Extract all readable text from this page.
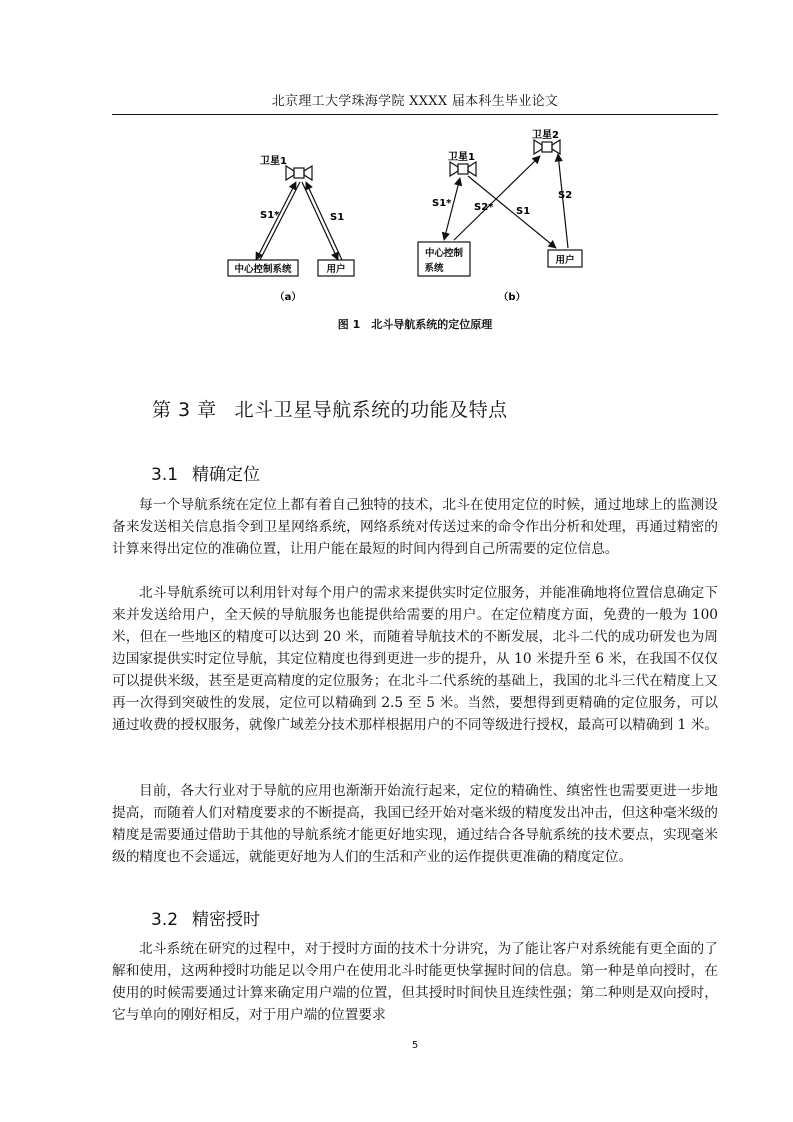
北京理工大学珠海学院 XXXX 届本科生毕业论文
卫星1
S1*	S1
中心控制系统	用户
（a）
卫星1
卫星2
S1* S2* S1
S2
中心控制
系统
用户
（b）
图 1　北斗导航系统的定位原理
第 3 章 北斗卫星导航系统的功能及特点
3.1 精确定位

每一个导航系统在定位上都有着自己独特的技术，北斗在使用定位的时候，通过地球上的监测设备来发送相关信息指令到卫星网络系统，网络系统对传送过来的命令作出分析和处理，再通过精密的计算来得出定位的准确位置，让用户能在最短的时间内得到自己所需要的定位信息。

北斗导航系统可以利用针对每个用户的需求来提供实时定位服务，并能准确地将位置信息确定下来并发送给用户，全天候的导航服务也能提供给需要的用户。在定位精度方面，免费的一般为 100 米，但在一些地区的精度可以达到 20 米，而随着导航技术的不断发展，北斗二代的成功研发也为周边国家提供实时定位导航，其定位精度也得到更进一步的提升，从 10 米提升至 6 米，在我国不仅仅可以提供米级，甚至是更高精度的定位服务；在北斗二代系统的基础上，我国的北斗三代在精度上又再一次得到突破性的发展，定位可以精确到 2.5 至 5 米。当然，要想得到更精确的定位服务，可以通过收费的授权服务，就像广域差分技术那样根据用户的不同等级进行授权，最高可以精确到 1 米。

目前，各大行业对于导航的应用也渐渐开始流行起来，定位的精确性、缜密性也需要更进一步地提高，而随着人们对精度要求的不断提高，我国已经开始对毫米级的精度发出冲击，但这种毫米级的精度是需要通过借助于其他的导航系统才能更好地实现，通过结合各导航系统的技术要点，实现毫米级的精度也不会遥远，就能更好地为人们的生活和产业的运作提供更准确的精度定位。

3.2 精密授时

北斗系统在研究的过程中，对于授时方面的技术十分讲究，为了能让客户对系统能有更全面的了解和使用，这两种授时功能足以令用户在使用北斗时能更快掌握时间的信息。第一种是单向授时，在使用的时候需要通过计算来确定用户端的位置，但其授时时间快且连续性强；第二种则是双向授时，它与单向的刚好相反，对于用户端的位置要求

5
